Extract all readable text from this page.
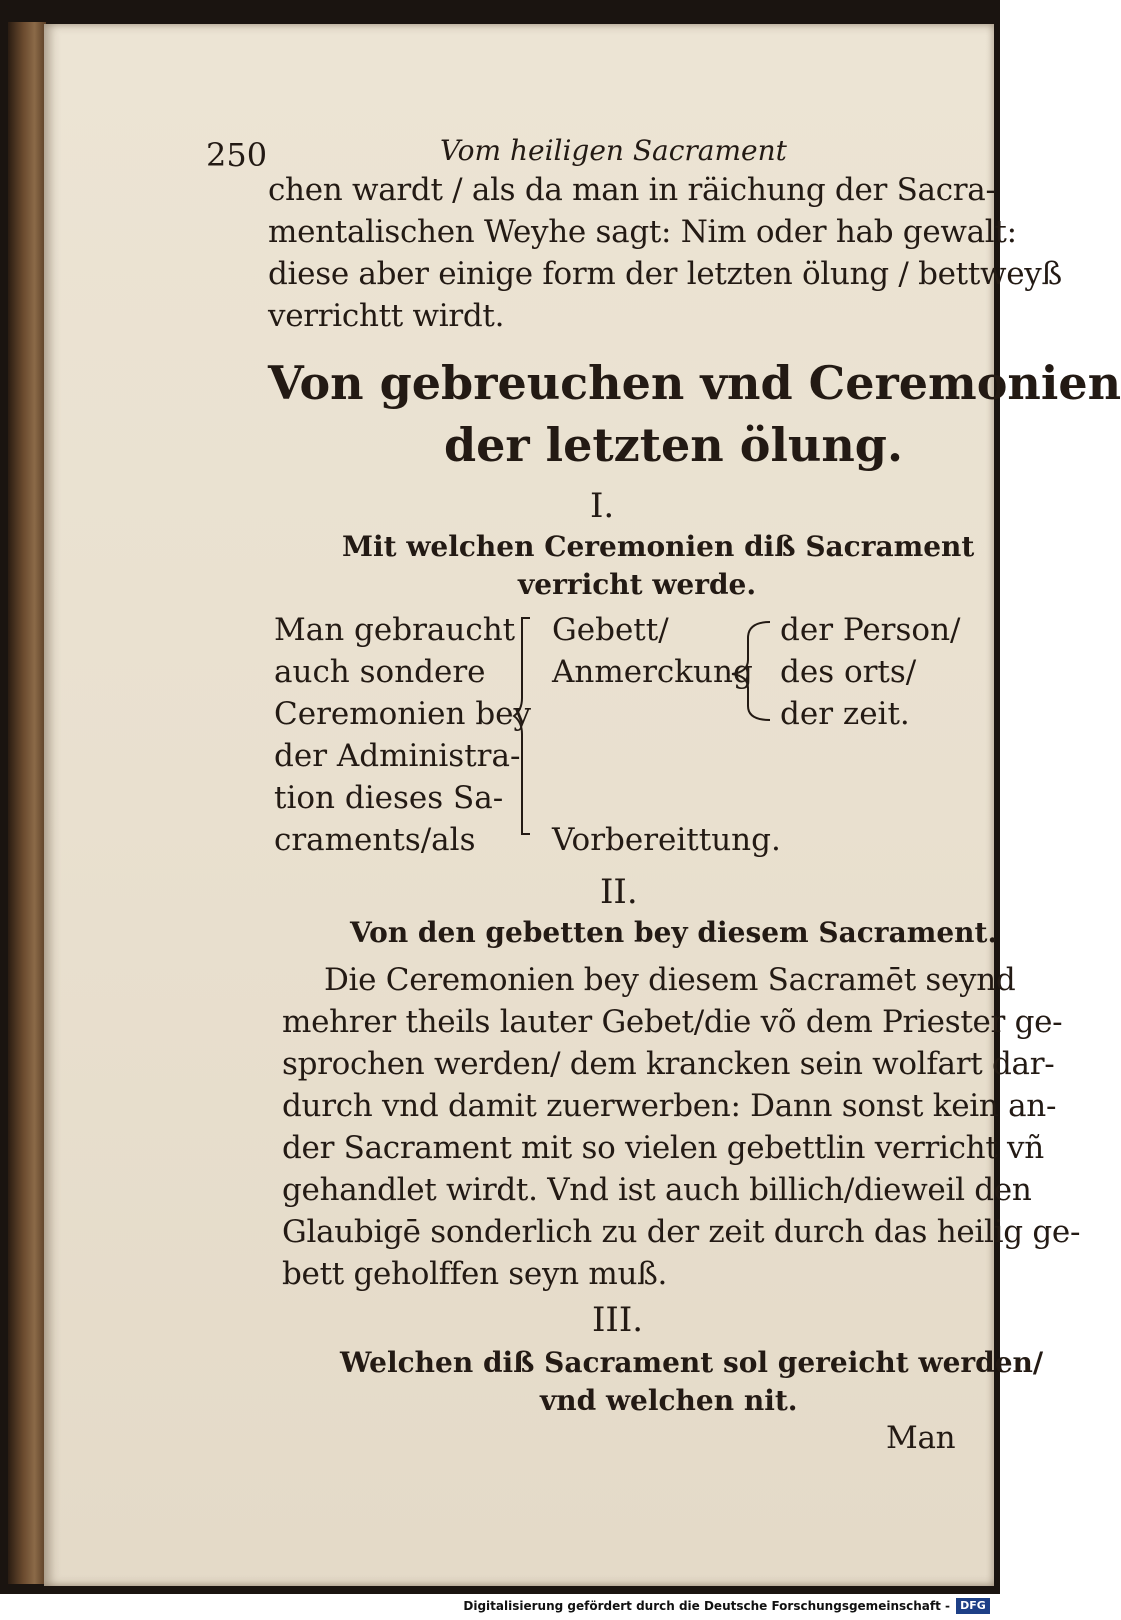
250	Vom heiligen Sacrament
chen wardt / als da man in räichung der Sacra-
mentalischen Weyhe sagt: Nim oder hab gewalt:
diese aber einige form der letzten ölung / bettweyß
verrichtt wirdt.
Von gebreuchen vnd Ceremonien
der letzten ölung.
I.
Mit welchen Ceremonien diß Sacrament
verricht werde.
Man gebraucht
auch sondere
Ceremonien bey
der Administra-
tion dieses Sa-
craments/als
Gebett/
Anmerckung
der Person/
des orts/
der zeit.
Vorbereittung.
II.
Von den gebetten bey diesem Sacrament.
Die Ceremonien bey diesem Sacramēt seynd
mehrer theils lauter Gebet/die võ dem Priester ge-
sprochen werden/ dem krancken sein wolfart dar-
durch vnd damit zuerwerben: Dann sonst kein an-
der Sacrament mit so vielen gebettlin verricht vñ
gehandlet wirdt. Vnd ist auch billich/dieweil den
Glaubigē sonderlich zu der zeit durch das heilig ge-
bett geholffen seyn muß.
III.
Welchen diß Sacrament sol gereicht werden/
vnd welchen nit.
Man
Digitalisierung gefördert durch die Deutsche Forschungsgemeinschaft - DFG
